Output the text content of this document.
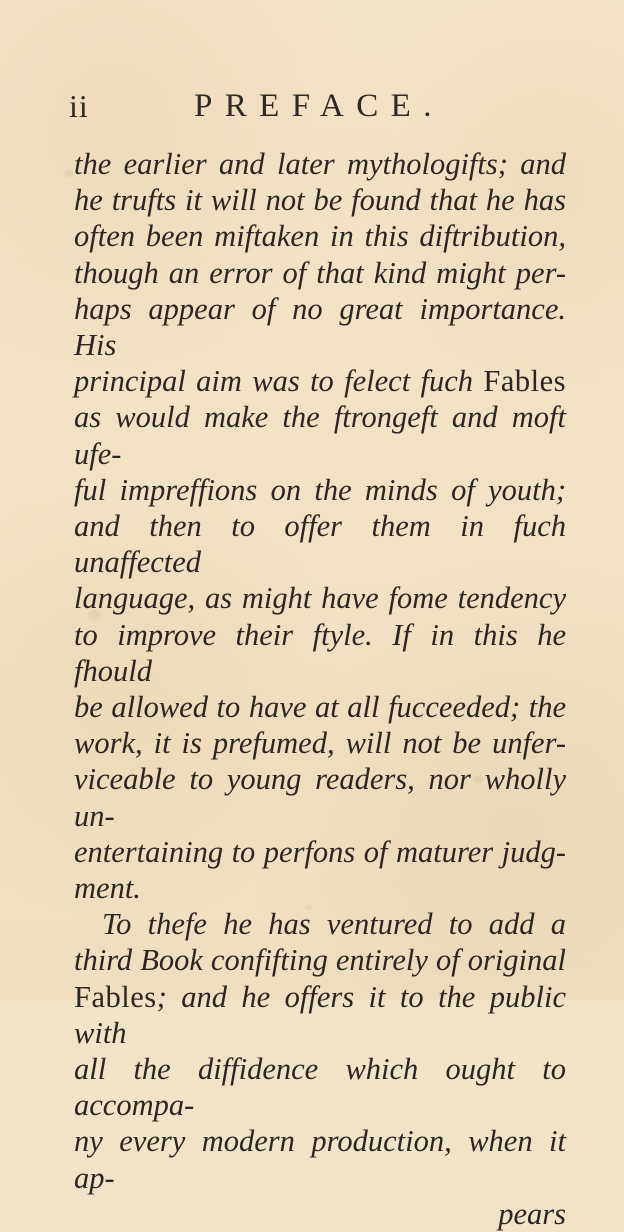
ii	PREFACE.
the earlier and later mythologifts; and
he trufts it will not be found that he has
often been miftaken in this diftribution,
though an error of that kind might per-
haps appear of no great importance. His
principal aim was to felect fuch Fables
as would make the ftrongeft and moft ufe-
ful impreffions on the minds of youth;
and then to offer them in fuch unaffected
language, as might have fome tendency
to improve their ftyle. If in this he fhould
be allowed to have at all fucceeded; the
work, it is prefumed, will not be unfer-
viceable to young readers, nor wholly un-
entertaining to perfons of maturer judg-
ment.
To thefe he has ventured to add a
third Book confifting entirely of original
Fables; and he offers it to the public with
all the diffidence which ought to accompa-
ny every modern production, when it ap-
pears
